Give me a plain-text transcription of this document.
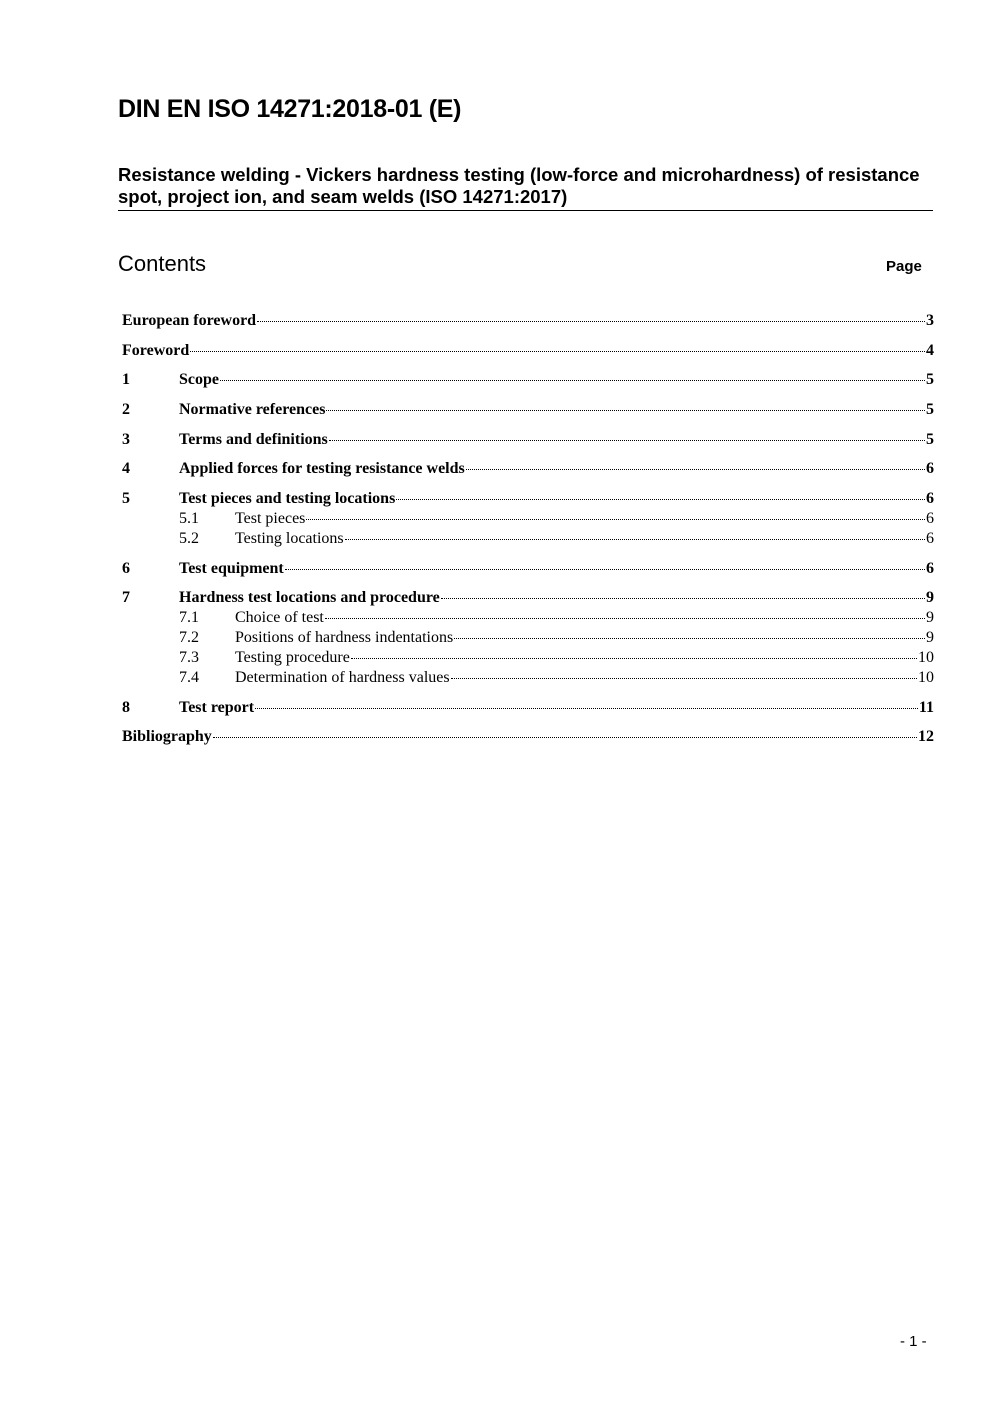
DIN EN ISO 14271:2018-01 (E)
Resistance welding - Vickers hardness testing (low-force and microhardness) of resistance spot, project ion, and seam welds (ISO 14271:2017)
Contents	Page
European foreword	3
Foreword	4
1	Scope	5
2	Normative references	5
3	Terms and definitions	5
4	Applied forces for testing resistance welds	6
5	Test pieces and testing locations	6
5.1	Test pieces	6
5.2	Testing locations	6
6	Test equipment	6
7	Hardness test locations and procedure	9
7.1	Choice of test	9
7.2	Positions of hardness indentations	9
7.3	Testing procedure	10
7.4	Determination of hardness values	10
8	Test report	11
Bibliography	12
- 1 -
